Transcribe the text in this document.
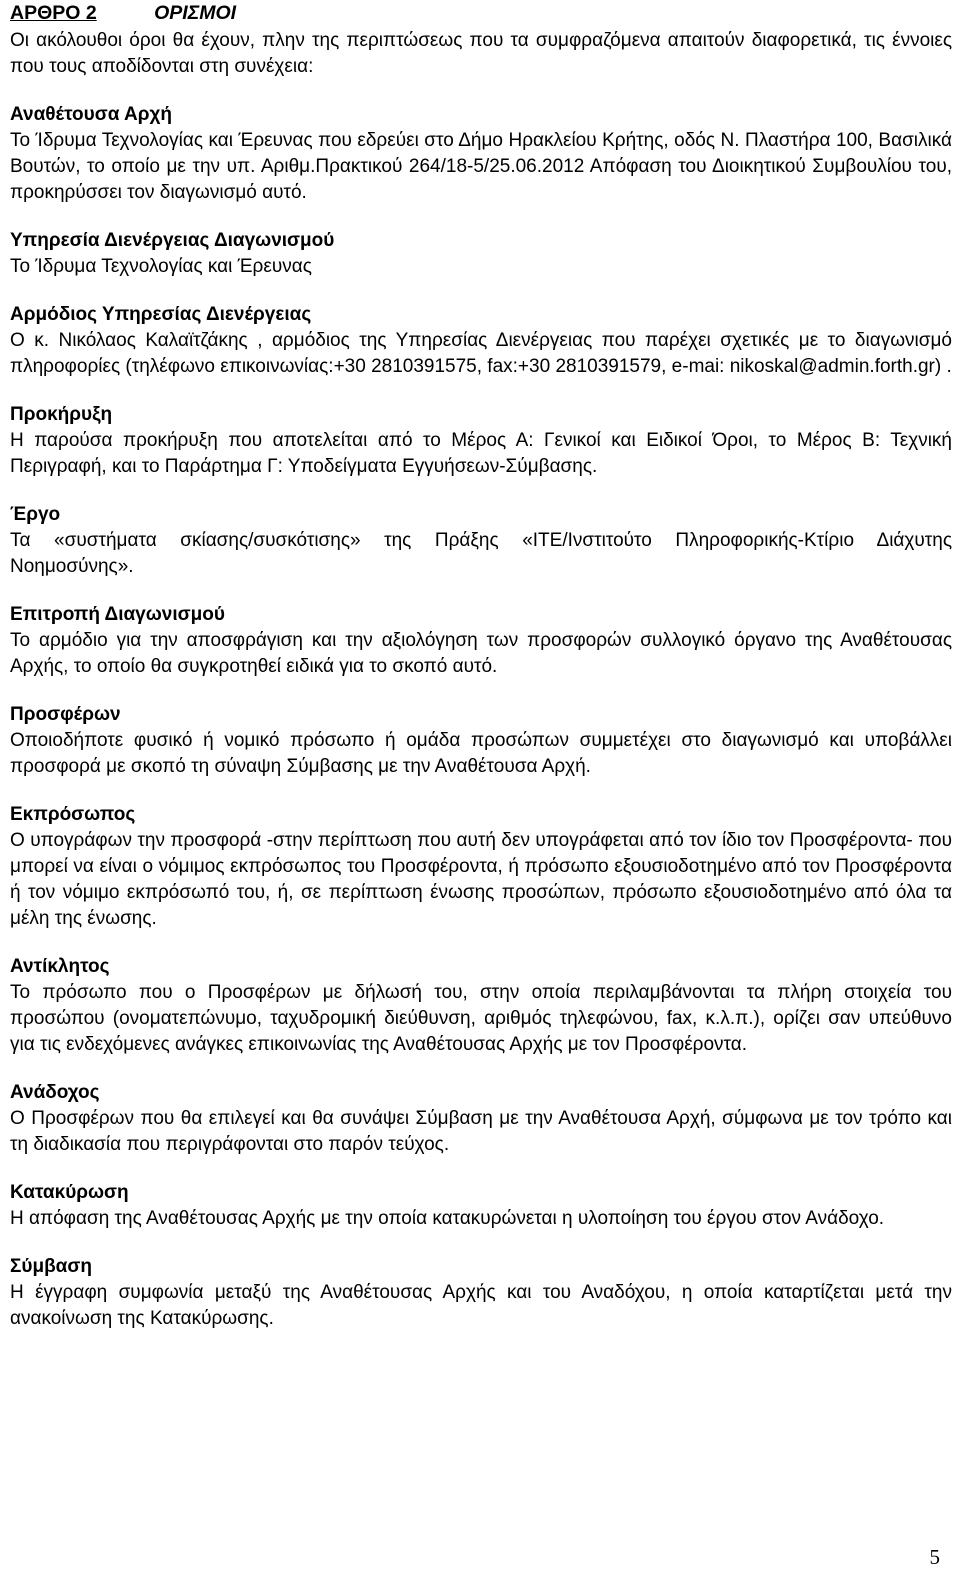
ΑΡΘΡΟ 2	ΟΡΙΣΜΟΙ

Οι ακόλουθοι όροι θα έχουν, πλην της περιπτώσεως που τα συμφραζόμενα απαιτούν διαφορετικά, τις έννοιες που τους αποδίδονται στη συνέχεια:

Αναθέτουσα Αρχή

Το Ίδρυμα Τεχνολογίας και Έρευνας που εδρεύει στο Δήμο Ηρακλείου Κρήτης, οδός Ν. Πλαστήρα 100, Βασιλικά Βουτών, το οποίο με την υπ. Αριθμ.Πρακτικού 264/18-5/25.06.2012 Απόφαση του Διοικητικού Συμβουλίου του, προκηρύσσει τον διαγωνισμό αυτό.

Υπηρεσία Διενέργειας Διαγωνισμού

Το Ίδρυμα Τεχνολογίας και Έρευνας

Αρμόδιος Υπηρεσίας Διενέργειας

Ο κ. Νικόλαος Καλαϊτζάκης , αρμόδιος της Υπηρεσίας Διενέργειας που παρέχει σχετικές με το διαγωνισμό πληροφορίες (τηλέφωνο επικοινωνίας:+30 2810391575, fax:+30 2810391579, e-mai: nikoskal@admin.forth.gr) .

Προκήρυξη

Η παρούσα προκήρυξη που αποτελείται από το Μέρος Α: Γενικοί και Ειδικοί Όροι, το Μέρος Β: Τεχνική Περιγραφή, και το Παράρτημα Γ: Υποδείγματα Εγγυήσεων-Σύμβασης.

Έργο

Τα «συστήματα σκίασης/συσκότισης» της Πράξης «ΙΤΕ/Ινστιτούτο Πληροφορικής-Κτίριο Διάχυτης Νοημοσύνης».

Επιτροπή Διαγωνισμού

Το αρμόδιο για την αποσφράγιση και την αξιολόγηση των προσφορών συλλογικό όργανο της Αναθέτουσας Αρχής, το οποίο θα συγκροτηθεί ειδικά για το σκοπό αυτό.

Προσφέρων

Οποιοδήποτε φυσικό ή νομικό πρόσωπο ή ομάδα προσώπων συμμετέχει στο διαγωνισμό και υποβάλλει προσφορά με σκοπό τη σύναψη Σύμβασης με την Αναθέτουσα Αρχή.

Εκπρόσωπος

Ο υπογράφων την προσφορά -στην περίπτωση που αυτή δεν υπογράφεται από τον ίδιο τον Προσφέροντα- που μπορεί να είναι ο νόμιμος εκπρόσωπος του Προσφέροντα, ή πρόσωπο εξουσιοδοτημένο από τον Προσφέροντα ή τον νόμιμο εκπρόσωπό του, ή, σε περίπτωση ένωσης προσώπων, πρόσωπο εξουσιοδοτημένο από όλα τα μέλη της ένωσης.

Αντίκλητος

Το πρόσωπο που ο Προσφέρων με δήλωσή του, στην οποία περιλαμβάνονται τα πλήρη στοιχεία του προσώπου (ονοματεπώνυμο, ταχυδρομική διεύθυνση, αριθμός τηλεφώνου, fax, κ.λ.π.), ορίζει σαν υπεύθυνο για τις ενδεχόμενες ανάγκες επικοινωνίας της Αναθέτουσας Αρχής με τον Προσφέροντα.

Ανάδοχος

Ο Προσφέρων που θα επιλεγεί και θα συνάψει Σύμβαση με την Αναθέτουσα Αρχή, σύμφωνα με τον τρόπο και τη διαδικασία που περιγράφονται στο παρόν τεύχος.

Κατακύρωση

Η απόφαση της Αναθέτουσας Αρχής με την οποία κατακυρώνεται η υλοποίηση του έργου στον Ανάδοχο.

Σύμβαση

Η έγγραφη συμφωνία μεταξύ της Αναθέτουσας Αρχής και του Αναδόχου, η οποία καταρτίζεται μετά την ανακοίνωση της Κατακύρωσης.

5
